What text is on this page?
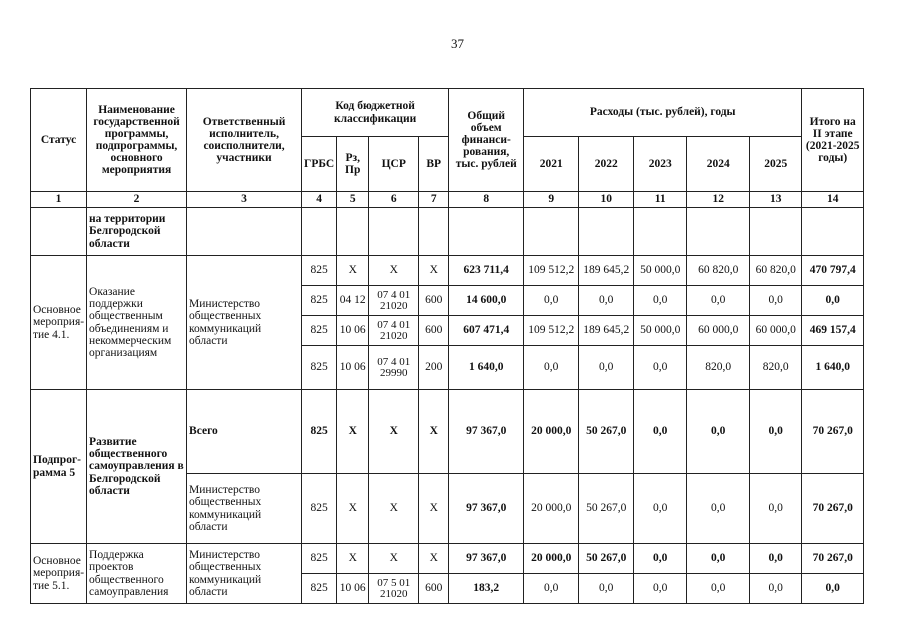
37
Статус	Наименование государственной программы, подпрограммы, основного мероприятия	Ответственный исполнитель, соисполнители, участники	Код бюджетной классификации				Общий объем финанси-рования, тыс. рублей	Расходы (тыс. рублей), годы					Итого на II этапе (2021-2025 годы)
			ГРБС	Рз, Пр	ЦСР	ВР		2021	2022	2023	2024	2025	
1	2	3	4	5	6	7	8	9	10	11	12	13	14
	на территории Белгородской области												
Основное мероприя-тие 4.1.	Оказание поддержки общественным объединениям и некоммерческим организациям	Министерство общественных коммуникаций области	825	Х	Х	Х	623 711,4	109 512,2	189 645,2	50 000,0	60 820,0	60 820,0	470 797,4
			825	04 12	07 4 01 21020	600	14 600,0	0,0	0,0	0,0	0,0	0,0	0,0
			825	10 06	07 4 01 21020	600	607 471,4	109 512,2	189 645,2	50 000,0	60 000,0	60 000,0	469 157,4
			825	10 06	07 4 01 29990	200	1 640,0	0,0	0,0	0,0	820,0	820,0	1 640,0
Подпрог-рамма 5	Развитие общественного самоуправления в Белгородской области	Всего	825	Х	Х	Х	97 367,0	20 000,0	50 267,0	0,0	0,0	0,0	70 267,0
		Министерство общественных коммуникаций области	825	Х	Х	Х	97 367,0	20 000,0	50 267,0	0,0	0,0	0,0	70 267,0
Основное мероприя-тие 5.1.	Поддержка проектов общественного самоуправления	Министерство общественных коммуникаций области	825	Х	Х	Х	97 367,0	20 000,0	50 267,0	0,0	0,0	0,0	70 267,0
			825	10 06	07 5 01 21020	600	183,2	0,0	0,0	0,0	0,0	0,0	0,0
